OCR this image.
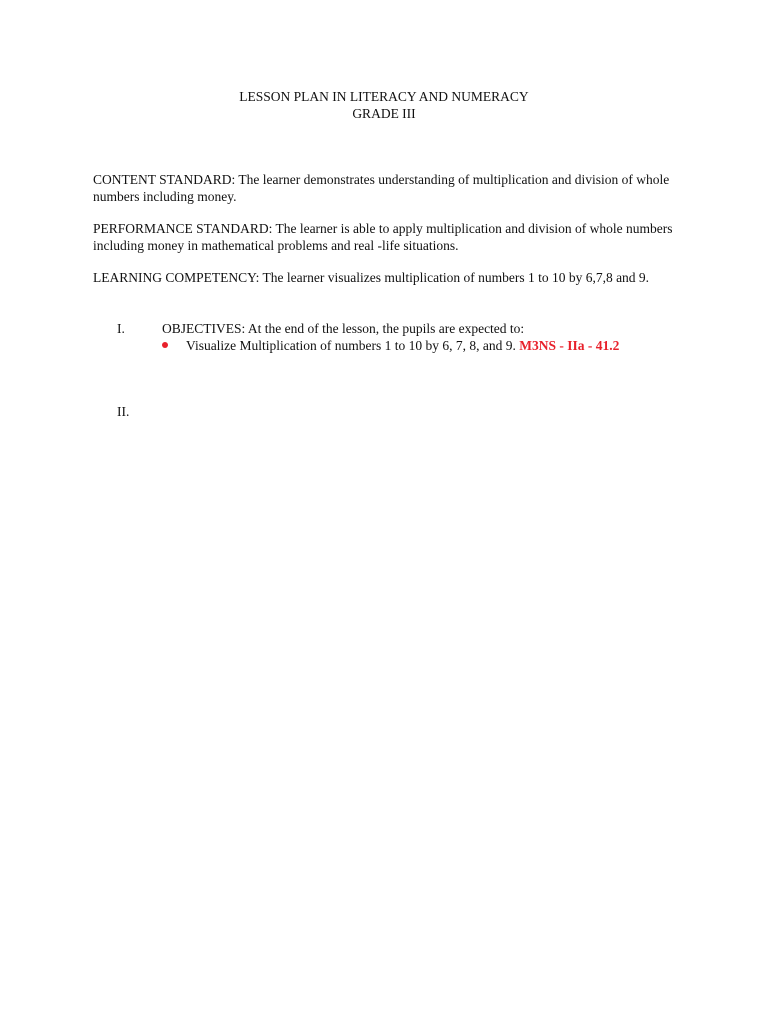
LESSON PLAN IN LITERACY AND NUMERACY
GRADE III
CONTENT STANDARD: The learner demonstrates understanding of multiplication and division of whole numbers including money.
PERFORMANCE STANDARD: The learner is able to apply multiplication and division of whole numbers including money in mathematical problems and real -life situations.
LEARNING COMPETENCY: The learner visualizes multiplication of numbers 1 to 10 by 6,7,8 and 9.
I.	OBJECTIVES: At the end of the lesson, the pupils are expected to:
Visualize Multiplication of numbers 1 to 10 by 6, 7, 8, and 9. M3NS - IIa - 41.2
II.
